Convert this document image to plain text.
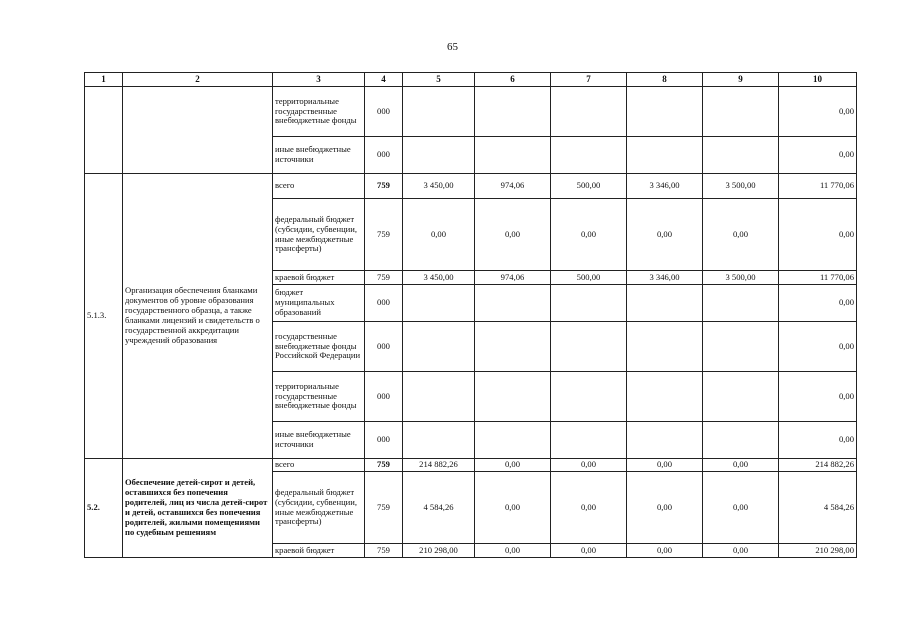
65
1	2	3	4	5	6	7	8	9	10
		территориальные государственные внебюджетные фонды	000						0,00
		иные внебюджетные источники	000						0,00
5.1.3.	Организация обеспечения бланками документов об уровне образования государственного образца, а также бланками лицензий и свидетельств о государственной аккредитации учреждений образования	всего	759	3 450,00	974,06	500,00	3 346,00	3 500,00	11 770,06
		федеральный бюджет (субсидии, субвенции, иные межбюджетные трансферты)	759	0,00	0,00	0,00	0,00	0,00	0,00
		краевой бюджет	759	3 450,00	974,06	500,00	3 346,00	3 500,00	11 770,06
		бюджет муниципальных образований	000						0,00
		государственные внебюджетные фонды Российской Федерации	000						0,00
		территориальные государственные внебюджетные фонды	000						0,00
		иные внебюджетные источники	000						0,00
5.2.	Обеспечение детей-сирот и детей, оставшихся без попечения родителей, лиц из числа детей-сирот и детей, оставшихся без попечения родителей, жилыми помещениями по судебным решениям	всего	759	214 882,26	0,00	0,00	0,00	0,00	214 882,26
		федеральный бюджет (субсидии, субвенции, иные межбюджетные трансферты)	759	4 584,26	0,00	0,00	0,00	0,00	4 584,26
		краевой бюджет	759	210 298,00	0,00	0,00	0,00	0,00	210 298,00
